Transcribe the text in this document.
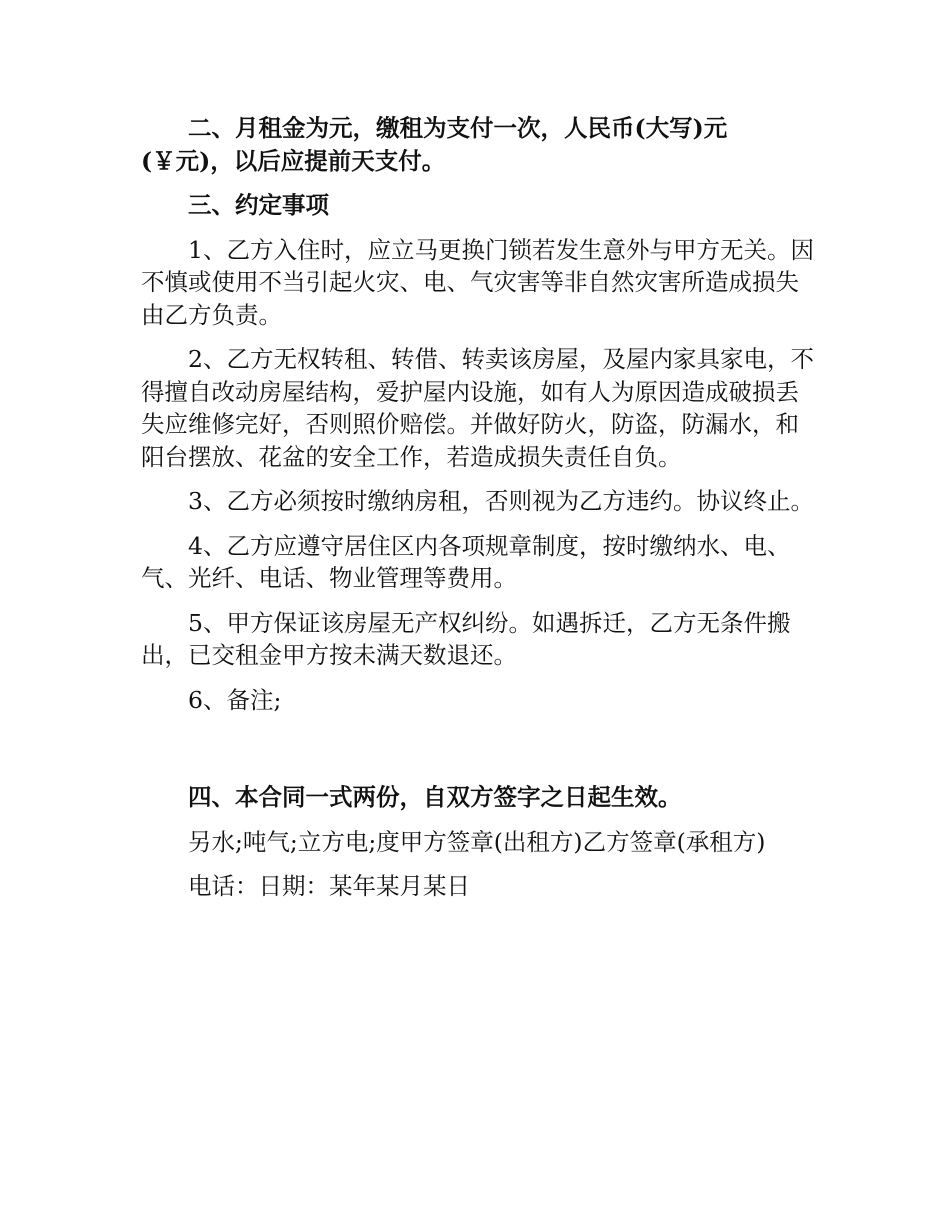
二、月租金为元，缴租为支付一次，人民币(大写)元(￥元)，以后应提前天支付。

三、约定事项

1、乙方入住时，应立马更换门锁若发生意外与甲方无关。因不慎或使用不当引起火灾、电、气灾害等非自然灾害所造成损失由乙方负责。

2、乙方无权转租、转借、转卖该房屋，及屋内家具家电，不得擅自改动房屋结构，爱护屋内设施，如有人为原因造成破损丢失应维修完好，否则照价赔偿。并做好防火，防盗，防漏水，和阳台摆放、花盆的安全工作，若造成损失责任自负。

3、乙方必须按时缴纳房租，否则视为乙方违约。协议终止。

4、乙方应遵守居住区内各项规章制度，按时缴纳水、电、气、光纤、电话、物业管理等费用。

5、甲方保证该房屋无产权纠纷。如遇拆迁，乙方无条件搬出，已交租金甲方按未满天数退还。

6、备注;

四、本合同一式两份，自双方签字之日起生效。

另水;吨气;立方电;度甲方签章(出租方)乙方签章(承租方)

电话：日期：某年某月某日
